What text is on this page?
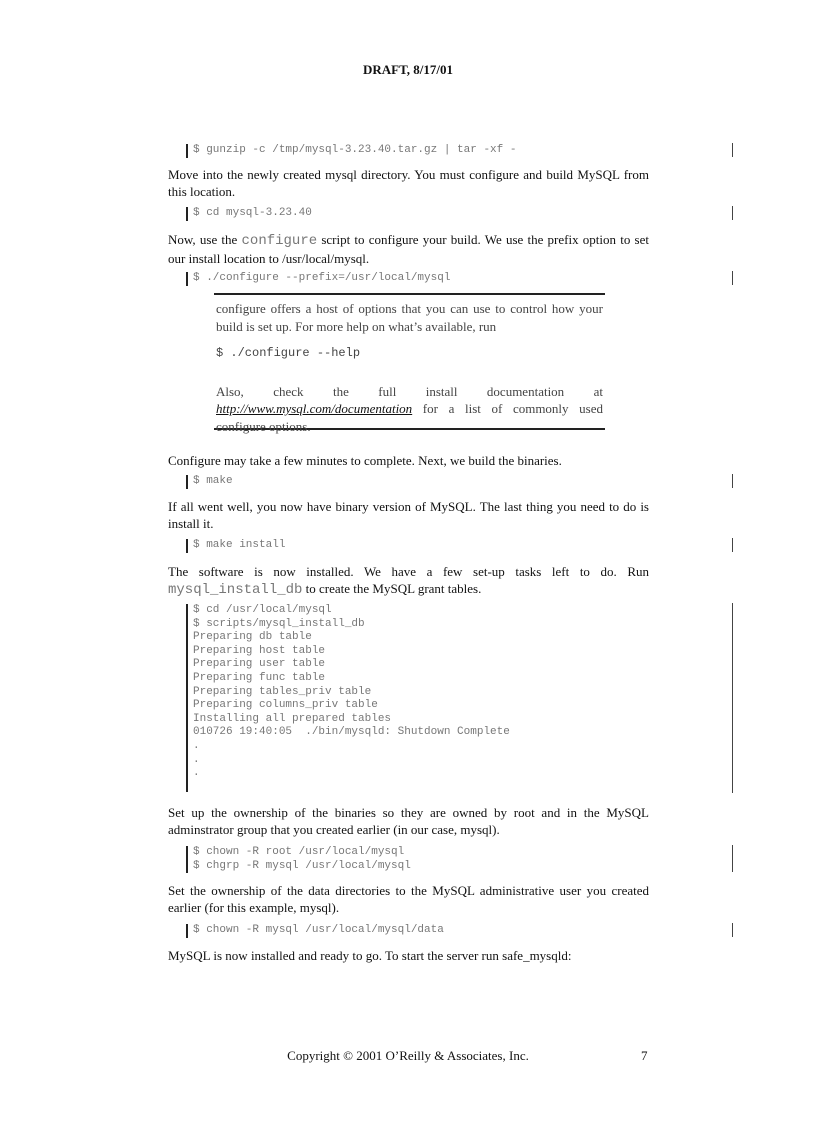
DRAFT, 8/17/01
$ gunzip -c /tmp/mysql-3.23.40.tar.gz | tar -xf -
Move into the newly created mysql directory. You must configure and build MySQL from this location.
$ cd mysql-3.23.40
Now, use the configure script to configure your build. We use the prefix option to set our install location to /usr/local/mysql.
$ ./configure --prefix=/usr/local/mysql

configure offers a host of options that you can use to control how your build is set up. For more help on what’s available, run

$ ./configure --help

Also, check the full install documentation at http://www.mysql.com/documentation for a list of commonly used configure options.

Configure may take a few minutes to complete. Next, we build the binaries.
$ make
If all went well, you now have binary version of MySQL. The last thing you need to do is install it.
$ make install
The software is now installed. We have a few set-up tasks left to do. Run mysql_install_db to create the MySQL grant tables.
$ cd /usr/local/mysql
$ scripts/mysql_install_db
Preparing db table
Preparing host table
Preparing user table
Preparing func table
Preparing tables_priv table
Preparing columns_priv table
Installing all prepared tables
010726 19:40:05  ./bin/mysqld: Shutdown Complete
.
.
.
Set up the ownership of the binaries so they are owned by root and in the MySQL adminstrator group that you created earlier (in our case, mysql).
$ chown -R root /usr/local/mysql
$ chgrp -R mysql /usr/local/mysql
Set the ownership of the data directories to the MySQL administrative user you created earlier (for this example, mysql).
$ chown -R mysql /usr/local/mysql/data
MySQL is now installed and ready to go. To start the server run safe_mysqld:
Copyright © 2001 O’Reilly & Associates, Inc.	7
